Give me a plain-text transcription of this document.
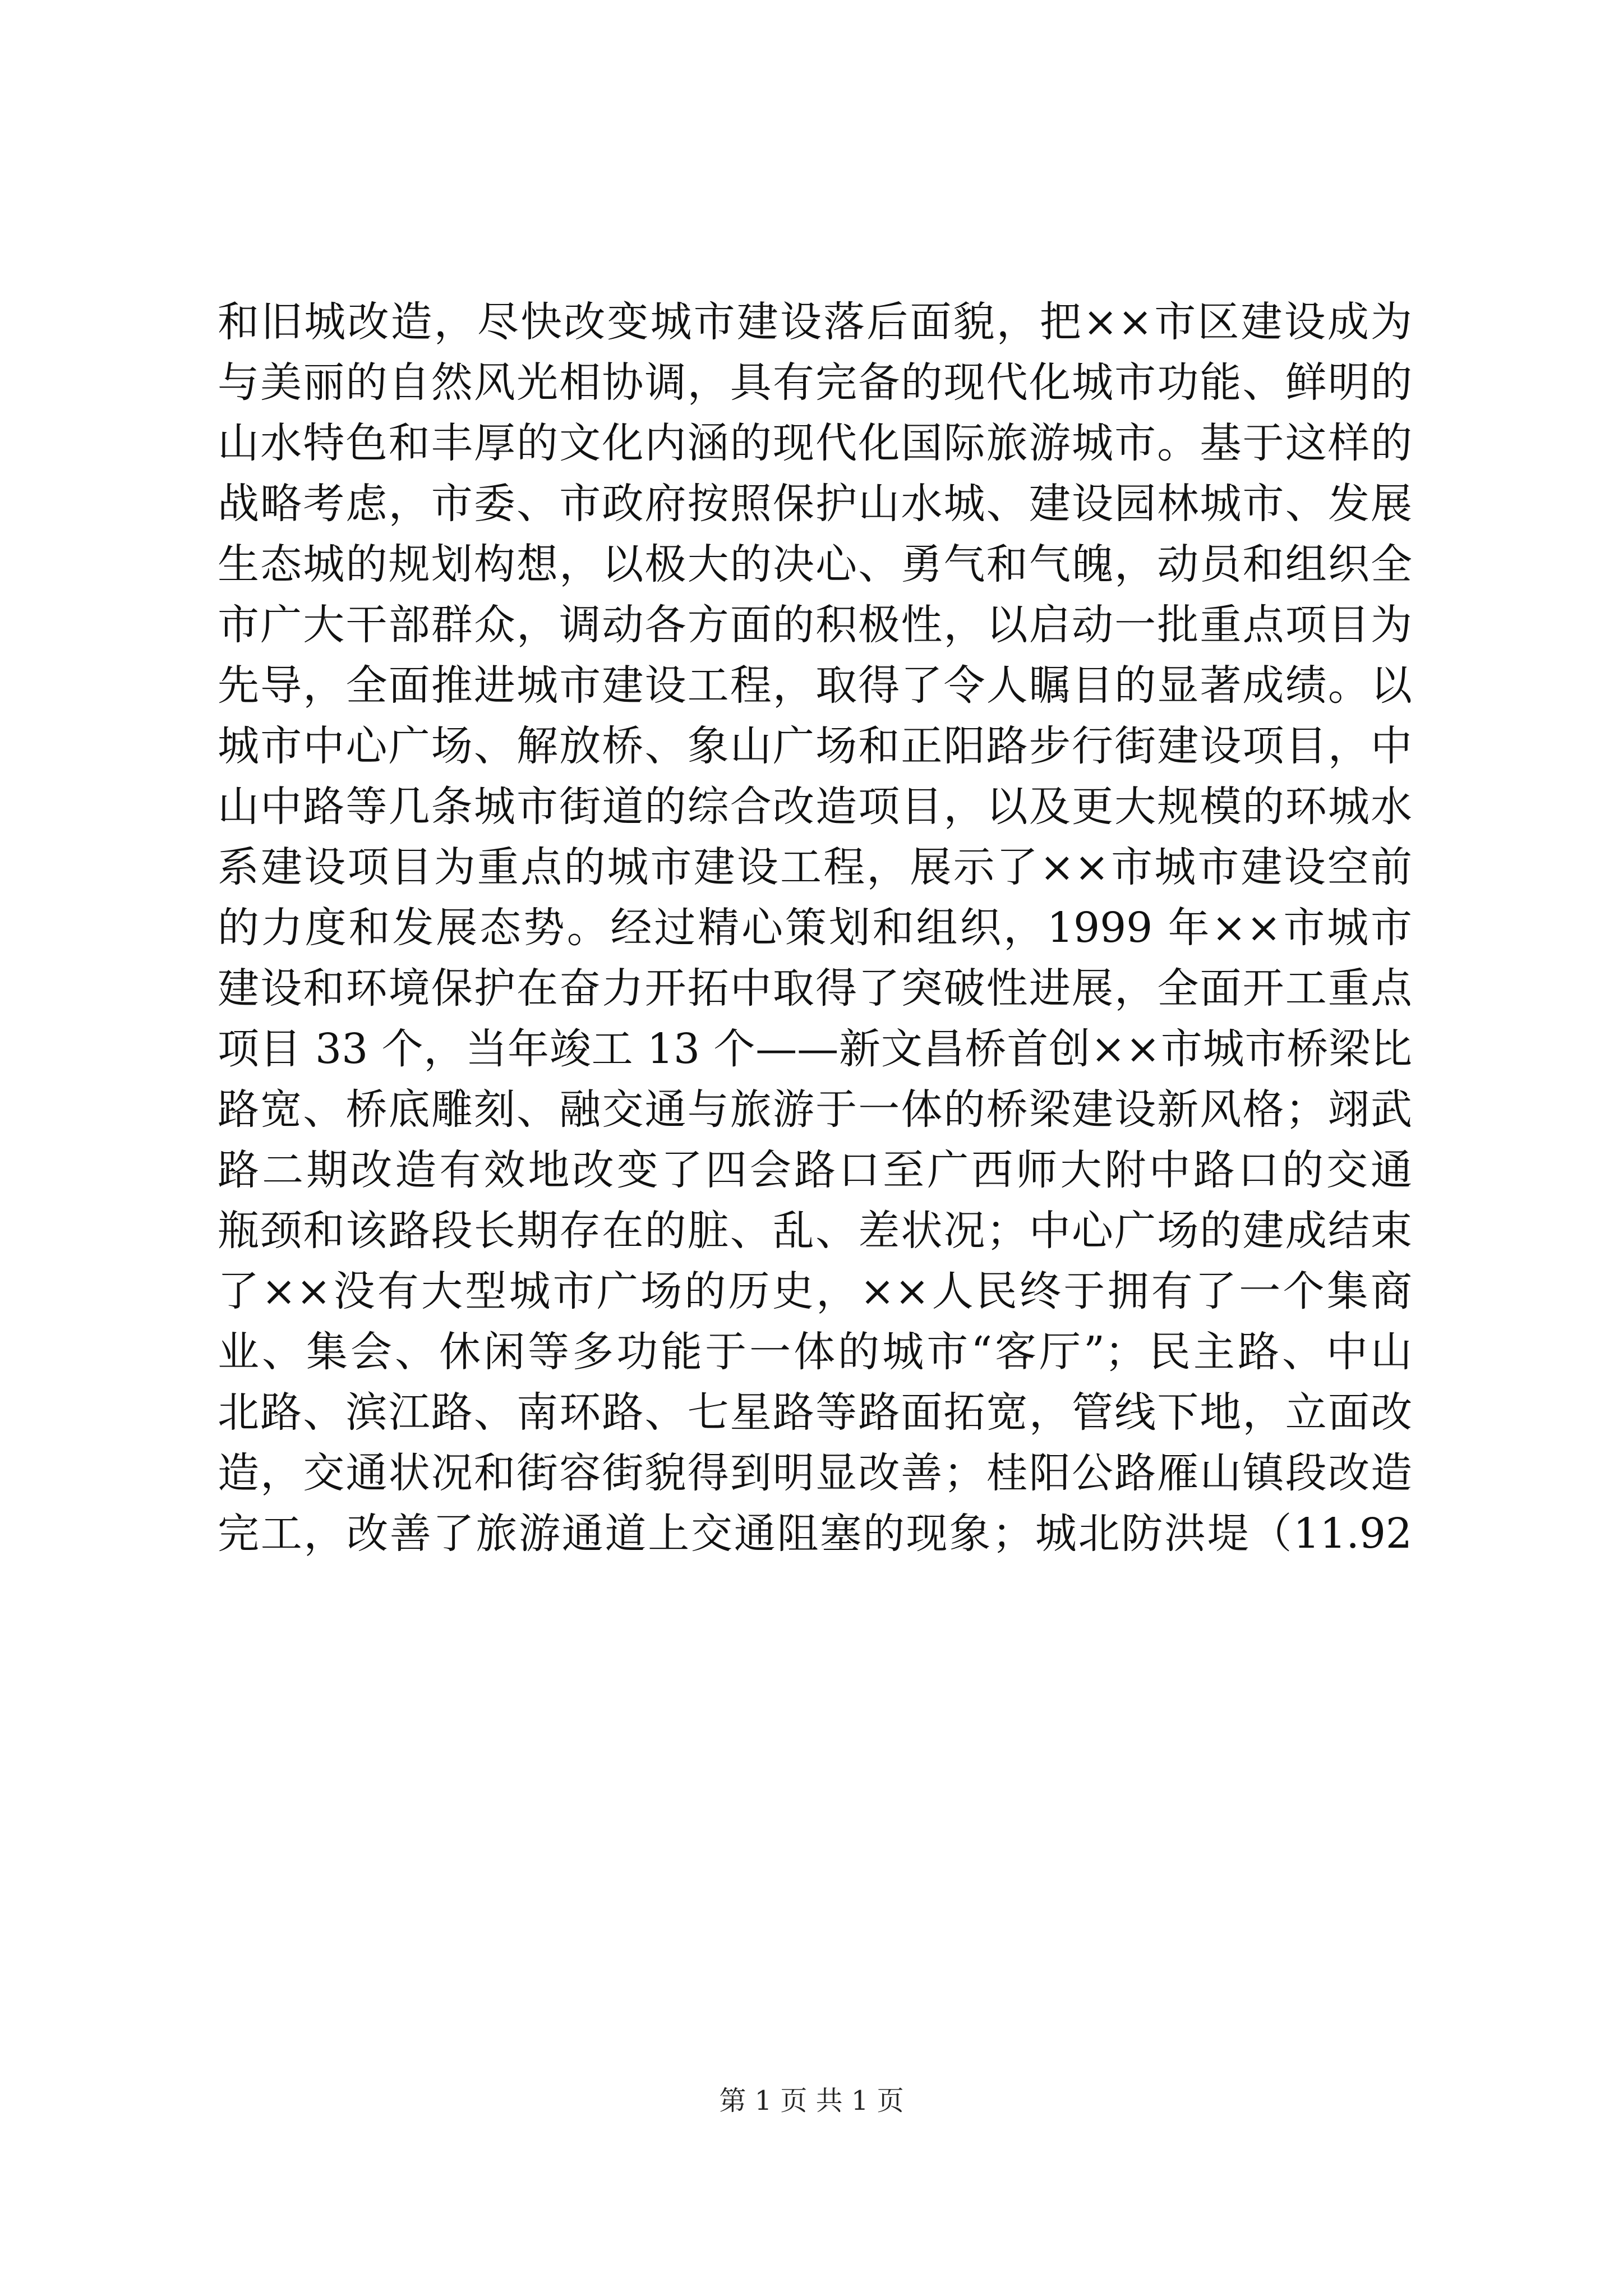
和旧城改造，尽快改变城市建设落后面貌，把××市区建设成为
与美丽的自然风光相协调，具有完备的现代化城市功能、鲜明的
山水特色和丰厚的文化内涵的现代化国际旅游城市。基于这样的
战略考虑，市委、市政府按照保护山水城、建设园林城市、发展
生态城的规划构想，以极大的决心、勇气和气魄，动员和组织全
市广大干部群众，调动各方面的积极性，以启动一批重点项目为
先导，全面推进城市建设工程，取得了令人瞩目的显著成绩。以
城市中心广场、解放桥、象山广场和正阳路步行街建设项目，中
山中路等几条城市街道的综合改造项目，以及更大规模的环城水
系建设项目为重点的城市建设工程，展示了××市城市建设空前
的力度和发展态势。经过精心策划和组织，1999 年××市城市
建设和环境保护在奋力开拓中取得了突破性进展，全面开工重点
项目 33 个，当年竣工 13 个——新文昌桥首创××市城市桥梁比
路宽、桥底雕刻、融交通与旅游于一体的桥梁建设新风格；翊武
路二期改造有效地改变了四会路口至广西师大附中路口的交通
瓶颈和该路段长期存在的脏、乱、差状况；中心广场的建成结束
了××没有大型城市广场的历史，××人民终于拥有了一个集商
业、集会、休闲等多功能于一体的城市“客厅”；民主路、中山
北路、滨江路、南环路、七星路等路面拓宽，管线下地，立面改
造，交通状况和街容街貌得到明显改善；桂阳公路雁山镇段改造
完工，改善了旅游通道上交通阻塞的现象；城北防洪堤（11.92
第 1 页 共 1 页
